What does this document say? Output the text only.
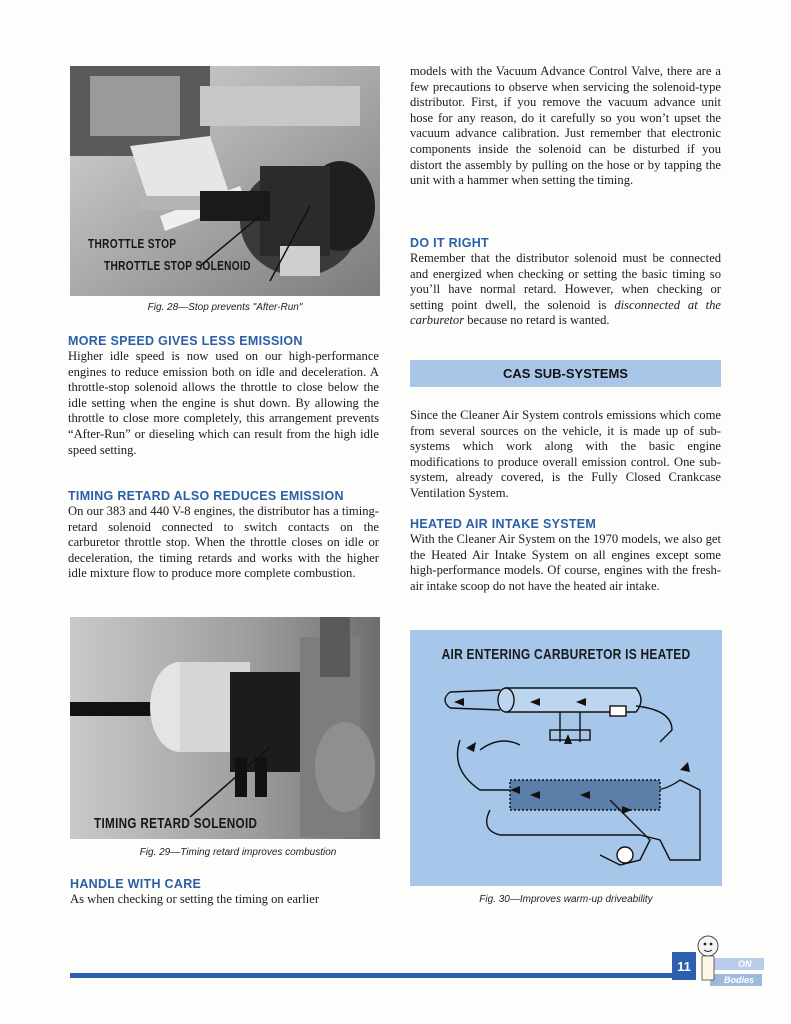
THROTTLE STOP
THROTTLE STOP SOLENOID
Fig. 28—Stop prevents "After-Run"
MORE SPEED GIVES LESS EMISSION
Higher idle speed is now used on our high-performance engines to reduce emission both on idle and deceleration. A throttle-stop solenoid allows the throttle to close below the idle setting when the engine is shut down. By allowing the throttle to close more completely, this arrangement prevents “After-Run” or dieseling which can result from the high idle speed setting.
TIMING RETARD ALSO REDUCES EMISSION
On our 383 and 440 V-8 engines, the distributor has a timing-retard solenoid connected to switch contacts on the carburetor throttle stop. When the throttle closes on idle or deceleration, the timing retards and works with the higher idle mixture flow to produce more complete combustion.
TIMING RETARD SOLENOID
Fig. 29—Timing retard improves combustion
HANDLE WITH CARE
As when checking or setting the timing on earlier
models with the Vacuum Advance Control Valve, there are a few precautions to observe when servicing the solenoid-type distributor. First, if you remove the vacuum advance unit hose for any reason, do it carefully so you won’t upset the vacuum advance calibration. Just remember that electronic components inside the solenoid can be disturbed if you distort the assembly by pulling on the hose or by tapping the unit with a hammer when setting the timing.
DO IT RIGHT
Remember that the distributor solenoid must be connected and energized when checking or setting the basic timing so you’ll have normal retard. However, when checking or setting point dwell, the solenoid is disconnected at the carburetor because no retard is wanted.
CAS SUB-SYSTEMS
Since the Cleaner Air System controls emissions which come from several sources on the vehicle, it is made up of sub-systems which work along with the basic engine modifications to produce overall emission control. One sub-system, already covered, is the Fully Closed Crankcase Ventilation System.
HEATED AIR INTAKE SYSTEM
With the Cleaner Air System on the 1970 models, we also get the Heated Air Intake System on all engines except some high-performance models. Of course, engines with the fresh-air intake scoop do not have the heated air intake.
AIR ENTERING CARBURETOR IS HEATED
Fig. 30—Improves warm-up driveability
11	ON
Bodies
